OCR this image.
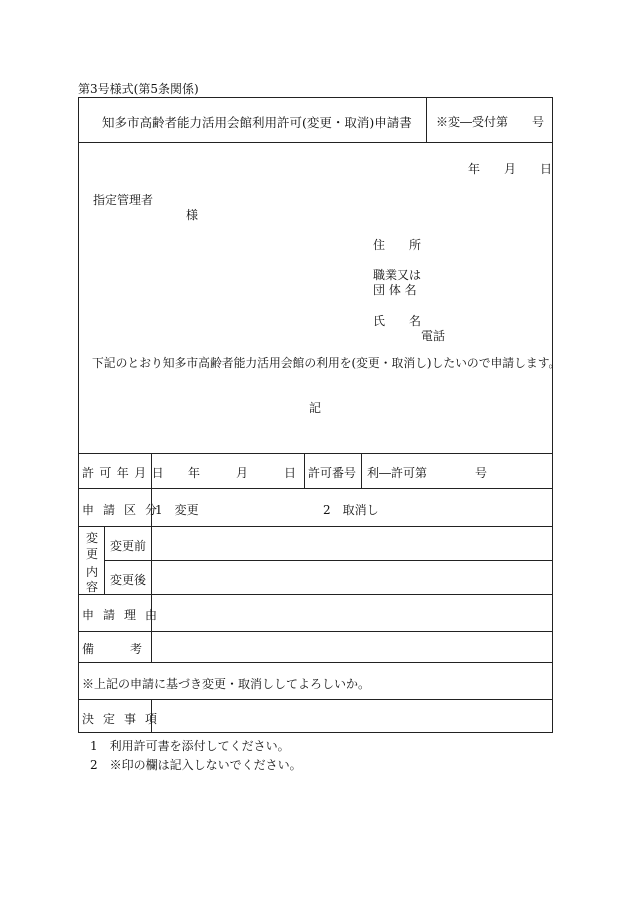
第3号様式(第5条関係)
知多市高齢者能力活用会館利用許可(変更・取消)申請書 ※変―受付第　　号
年　　月　　日
指定管理者
様
住　　所
職業又は
団 体 名
氏　　名
電話
下記のとおり知多市高齢者能力活用会館の利用を(変更・取消し)したいので申請します。
記
許可年月日 年　　　月　　　日 許可番号 利―許可第　　　　号
申請区分
1　変更	2　取消し
変
更
内
容
変更前
変更後
申請理由
備　　　考
※上記の申請に基づき変更・取消ししてよろしいか。
決定事項
1　利用許可書を添付してください。
2　※印の欄は記入しないでください。
